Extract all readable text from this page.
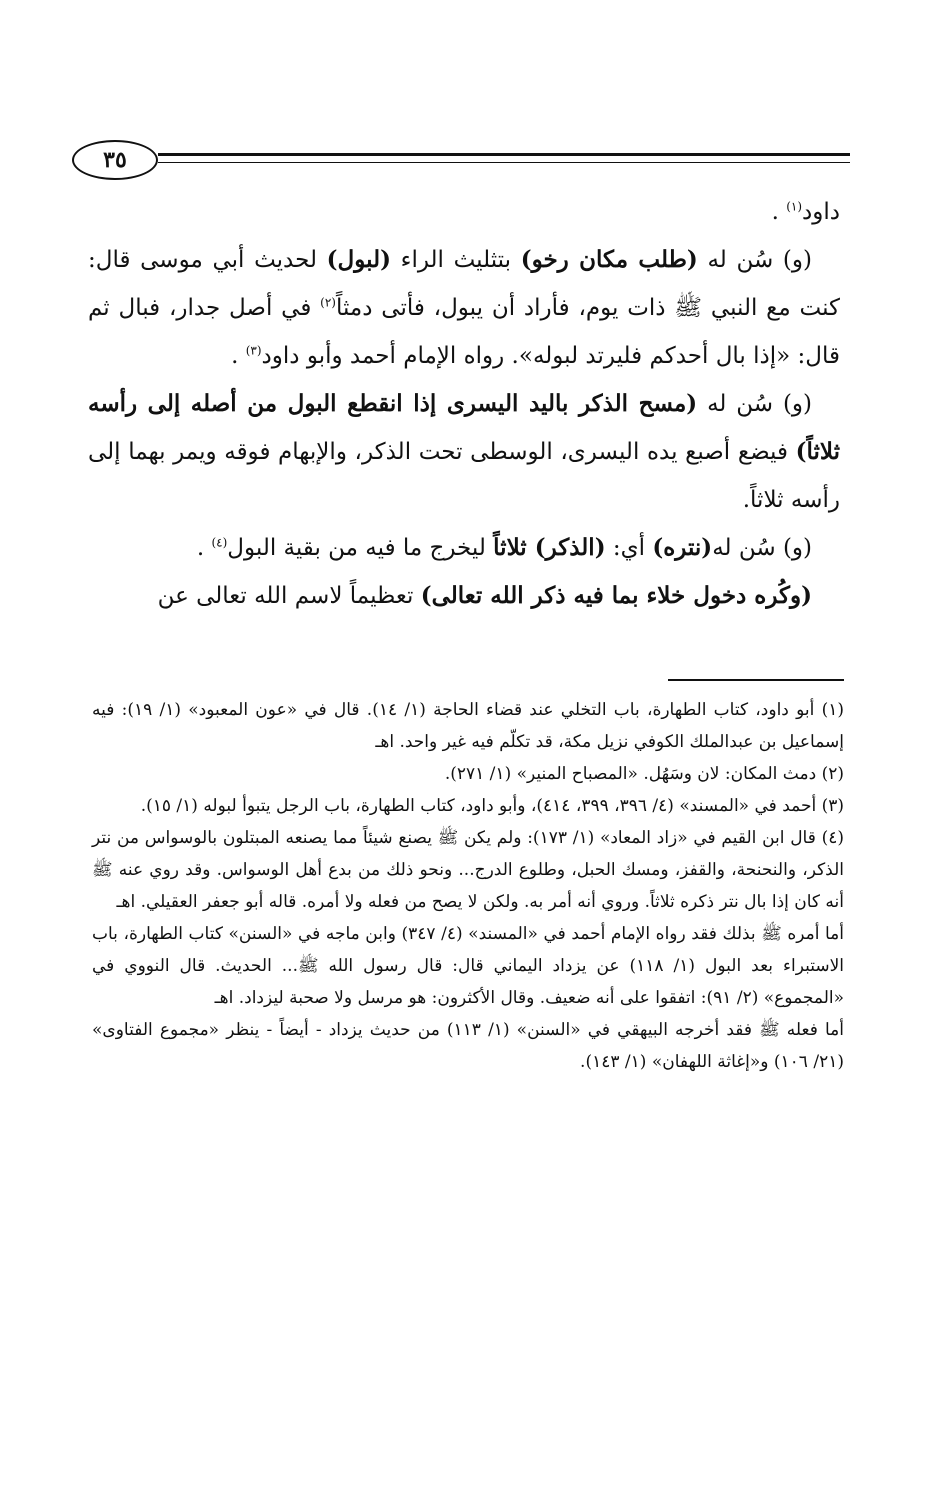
٣٥

داود$^{(١)}$ .

(و) سُن له (طلب مكان رخو) بتثليث الراء (لبول) لحديث أبي موسى قال: كنت مع النبي ﷺ ذات يوم، فأراد أن يبول، فأتى دمثاً$^{(٢)}$ في أصل جدار، فبال ثم قال: «إذا بال أحدكم فليرتد لبوله». رواه الإمام أحمد وأبو داود$^{(٣)}$ .

(و) سُن له (مسح الذكر باليد اليسرى إذا انقطع البول من أصله إلى رأسه ثلاثاً) فيضع أصبع يده اليسرى، الوسطى تحت الذكر، والإبهام فوقه ويمر بهما إلى رأسه ثلاثاً.

(و) سُن له(نتره) أي: (الذكر) ثلاثاً ليخرج ما فيه من بقية البول$^{(٤)}$ .

(وكُره دخول خلاء بما فيه ذكر الله تعالى) تعظيماً لاسم الله تعالى عن

(١) أبو داود، كتاب الطهارة، باب التخلي عند قضاء الحاجة (١/ ١٤). قال في «عون المعبود» (١/ ١٩): فيه إسماعيل بن عبدالملك الكوفي نزيل مكة، قد تكلّم فيه غير واحد. اهـ

(٢) دمث المكان: لان وسَهُل. «المصباح المنير» (١/ ٢٧١).

(٣) أحمد في «المسند» (٤/ ٣٩٦، ٣٩٩، ٤١٤)، وأبو داود، كتاب الطهارة، باب الرجل يتبوأ لبوله (١/ ١٥).

(٤) قال ابن القيم في «زاد المعاد» (١/ ١٧٣): ولم يكن ﷺ يصنع شيئاً مما يصنعه المبتلون بالوسواس من نتر الذكر، والنحنحة، والقفز، ومسك الحبل، وطلوع الدرج... ونحو ذلك من بدع أهل الوسواس. وقد روي عنه ﷺ أنه كان إذا بال نتر ذكره ثلاثاً. وروي أنه أمر به. ولكن لا يصح من فعله ولا أمره. قاله أبو جعفر العقيلي. اهـ

أما أمره ﷺ بذلك فقد رواه الإمام أحمد في «المسند» (٤/ ٣٤٧) وابن ماجه في «السنن» كتاب الطهارة، باب الاستبراء بعد البول (١/ ١١٨) عن يزداد اليماني قال: قال رسول الله ﷺ... الحديث. قال النووي في «المجموع» (٢/ ٩١): اتفقوا على أنه ضعيف. وقال الأكثرون: هو مرسل ولا صحبة ليزداد. اهـ

أما فعله ﷺ فقد أخرجه البيهقي في «السنن» (١/ ١١٣) من حديث يزداد - أيضاً - ينظر «مجموع الفتاوى» (٢١/ ١٠٦) و«إغاثة اللهفان» (١/ ١٤٣).
